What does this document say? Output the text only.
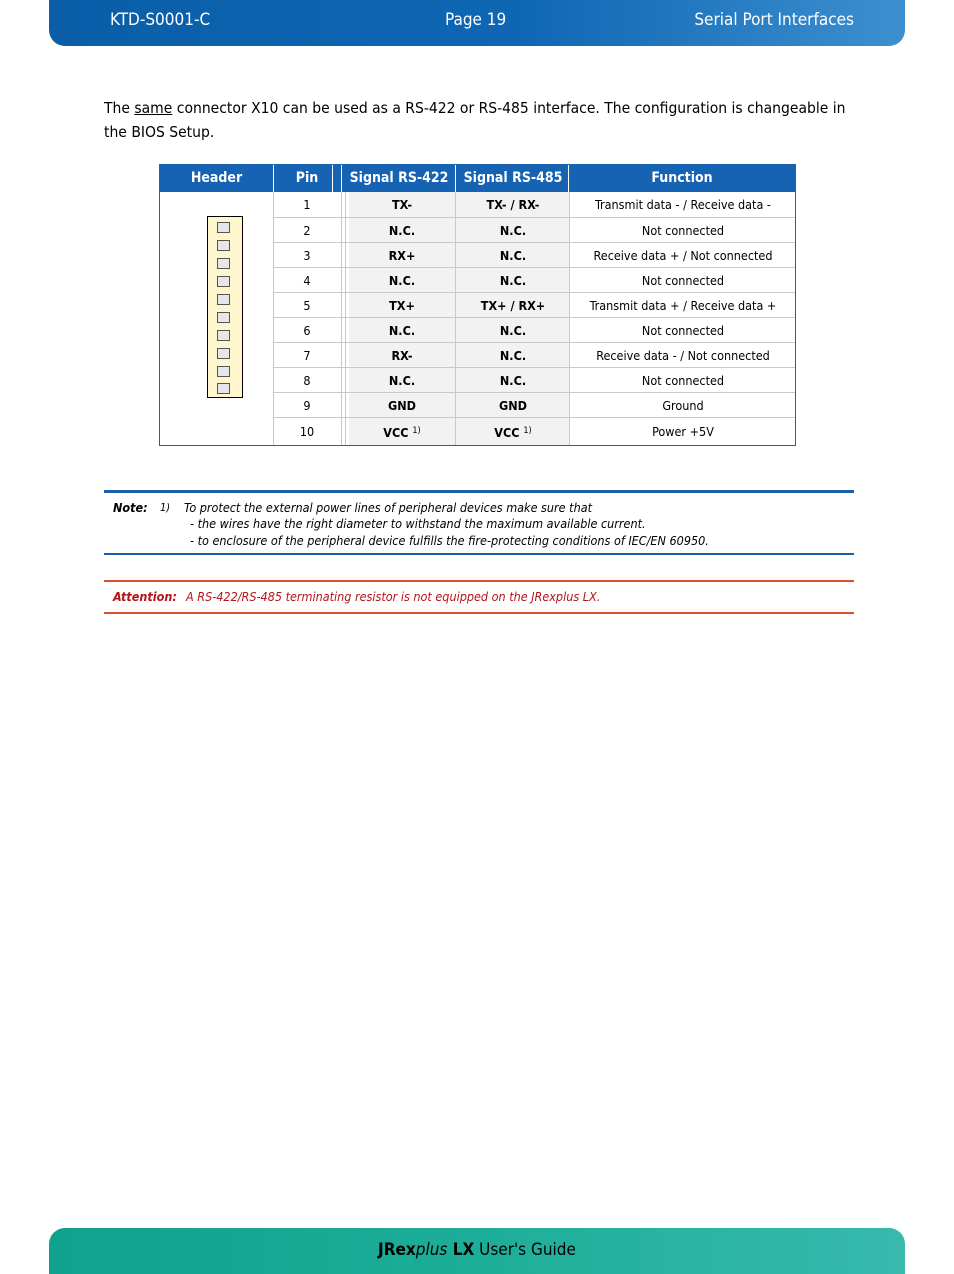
KTD-S0001-C	Page 19	Serial Port Interfaces
The same connector X10 can be used as a RS-422 or RS-485 interface. The configuration is changeable in the BIOS Setup.
Header	Pin	Signal RS-422	Signal RS-485	Function
1	TX-	TX- / RX-	Transmit data - / Receive data -
2	N.C.	N.C.	Not connected
3	RX+	N.C.	Receive data + / Not connected
4	N.C.	N.C.	Not connected
5	TX+	TX+ / RX+	Transmit data + / Receive data +
6	N.C.	N.C.	Not connected
7	RX-	N.C.	Receive data - / Not connected
8	N.C.	N.C.	Not connected
9	GND	GND	Ground
10	VCC $^{1)}$	VCC $^{1)}$	Power +5V
Note: 1) To protect the external power lines of peripheral devices make sure that
- the wires have the right diameter to withstand the maximum available current.
- to enclosure of the peripheral device fulfills the fire-protecting conditions of IEC/EN 60950.
Attention: A RS-422/RS-485 terminating resistor is not equipped on the JRexplus LX.
JRexplus LX User's Guide
